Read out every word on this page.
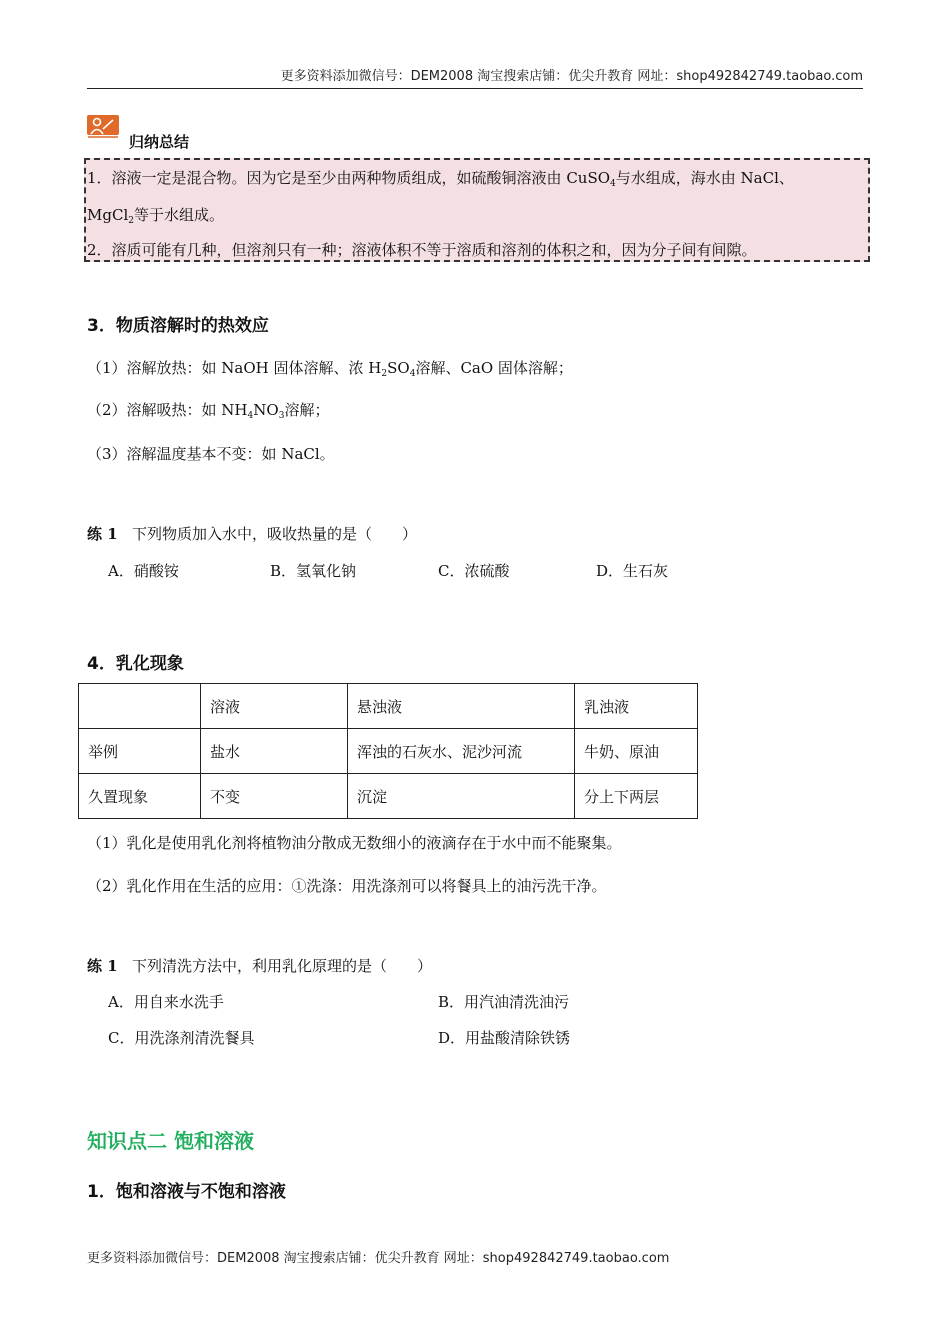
更多资料添加微信号：DEM2008 淘宝搜索店铺：优尖升教育 网址：shop492842749.taobao.com
归纳总结
1．溶液一定是混合物。因为它是至少由两种物质组成，如硫酸铜溶液由 CuSO$_4$与水组成，海水由 NaCl、
MgCl$_2$等于水组成。
2．溶质可能有几种，但溶剂只有一种；溶液体积不等于溶质和溶剂的体积之和，因为分子间有间隙。
3．物质溶解时的热效应
（1）溶解放热：如 NaOH 固体溶解、浓 $H_2SO_4$溶解、CaO 固体溶解；
（2）溶解吸热：如 $NH_4NO_3$溶解；
（3）溶解温度基本不变：如 NaCl。
练 1 下列物质加入水中，吸收热量的是（　　）
A．硝酸铵	B．氢氧化钠	C．浓硫酸	D．生石灰
4．乳化现象
	溶液	悬浊液	乳浊液
举例	盐水	浑浊的石灰水、泥沙河流	牛奶、原油
久置现象	不变	沉淀	分上下两层
（1）乳化是使用乳化剂将植物油分散成无数细小的液滴存在于水中而不能聚集。
（2）乳化作用在生活的应用：①洗涤：用洗涤剂可以将餐具上的油污洗干净。
练 1 下列清洗方法中，利用乳化原理的是（　　）
A．用自来水洗手	B．用汽油清洗油污
C．用洗涤剂清洗餐具	D．用盐酸清除铁锈
知识点二 饱和溶液
1．饱和溶液与不饱和溶液
更多资料添加微信号：DEM2008 淘宝搜索店铺：优尖升教育 网址：shop492842749.taobao.com
